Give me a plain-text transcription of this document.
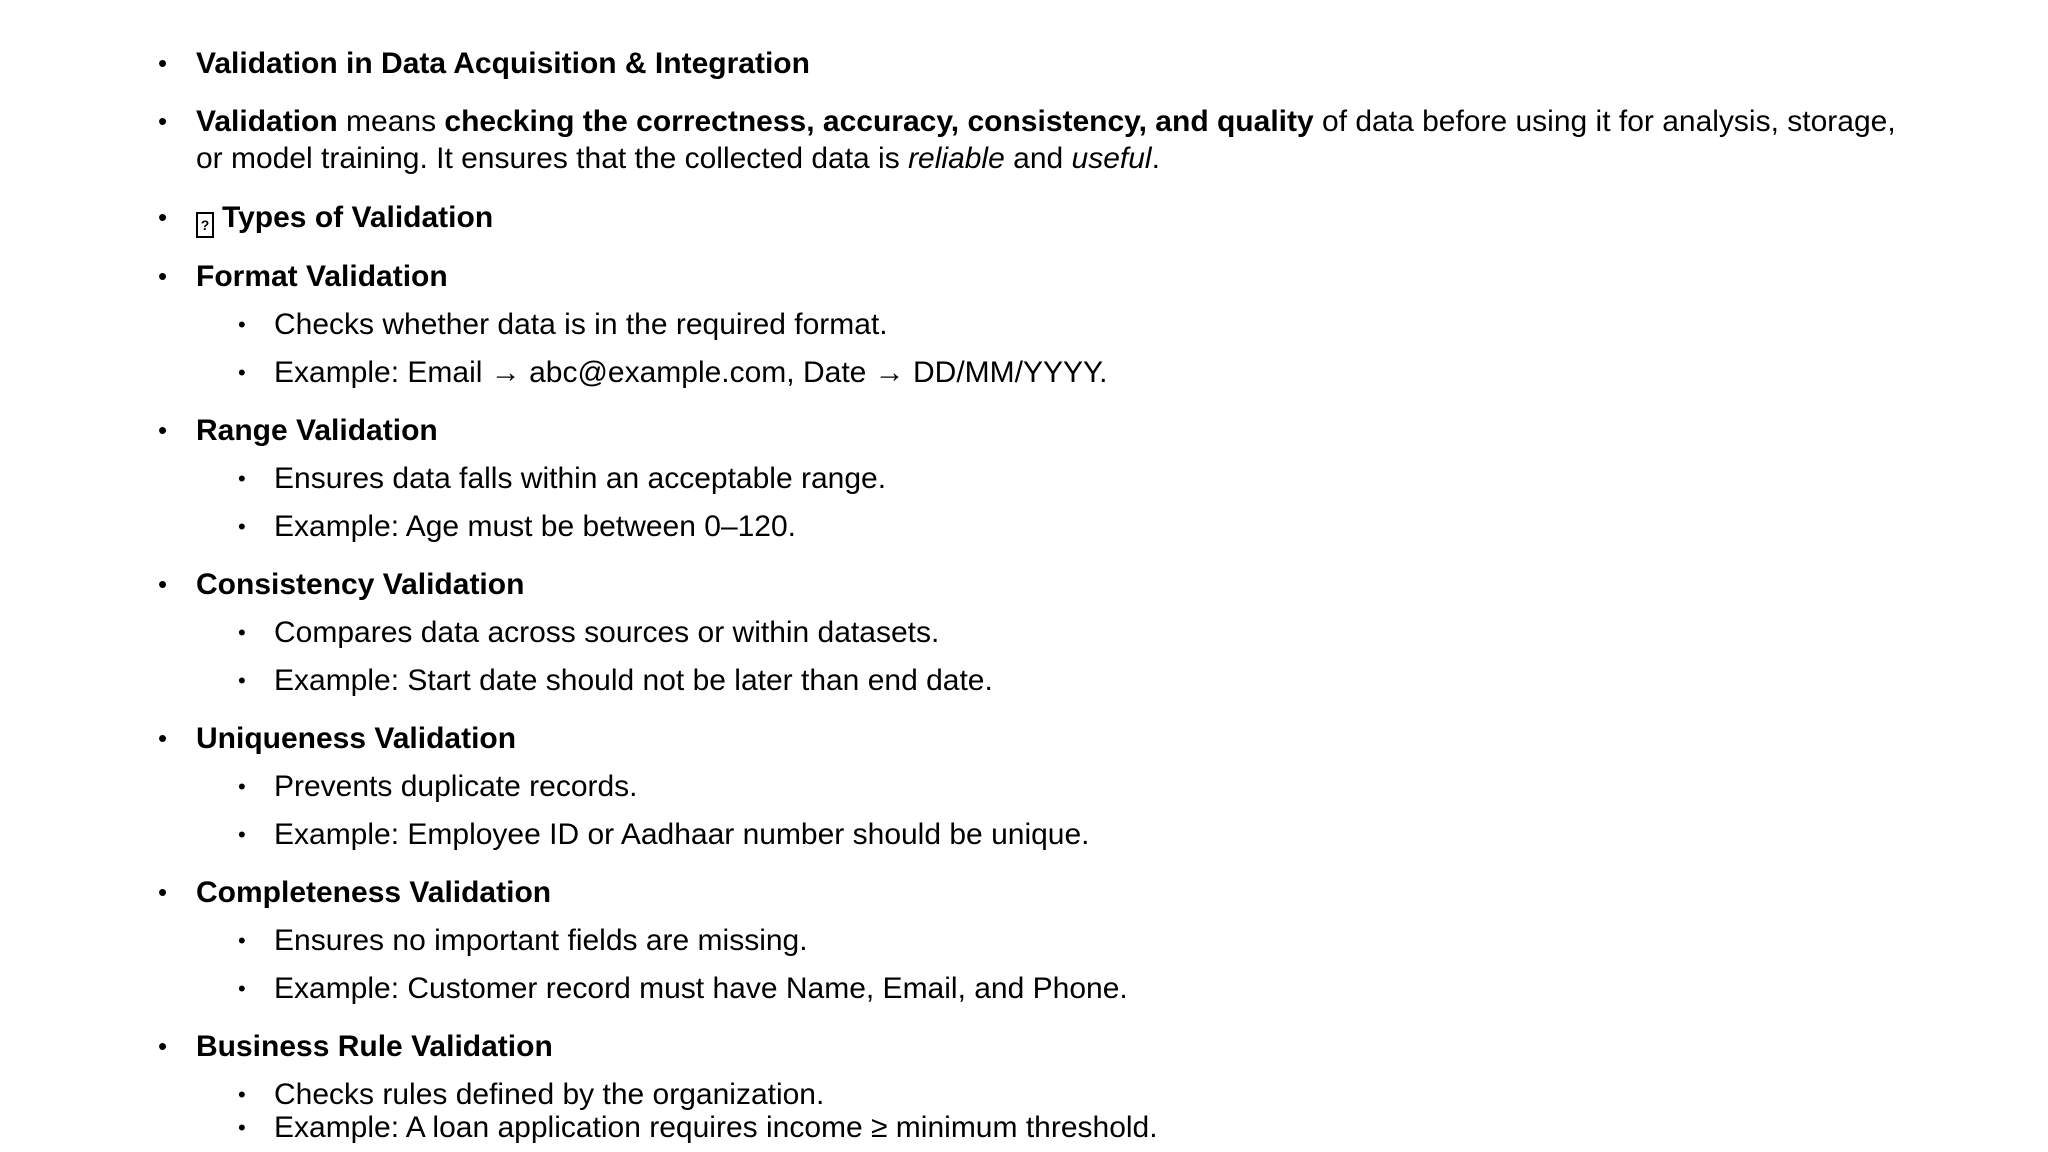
• Validation in Data Acquisition & Integration
• Validation means checking the correctness, accuracy, consistency, and quality of data before using it for analysis, storage, or model training. It ensures that the collected data is reliable and useful.
• ? Types of Validation
• Format Validation
• Checks whether data is in the required format.
• Example: Email → abc@example.com, Date → DD/MM/YYYY.
• Range Validation
• Ensures data falls within an acceptable range.
• Example: Age must be between 0–120.
• Consistency Validation
• Compares data across sources or within datasets.
• Example: Start date should not be later than end date.
• Uniqueness Validation
• Prevents duplicate records.
• Example: Employee ID or Aadhaar number should be unique.
• Completeness Validation
• Ensures no important fields are missing.
• Example: Customer record must have Name, Email, and Phone.
• Business Rule Validation
• Checks rules defined by the organization.
• Example: A loan application requires income ≥ minimum threshold.
